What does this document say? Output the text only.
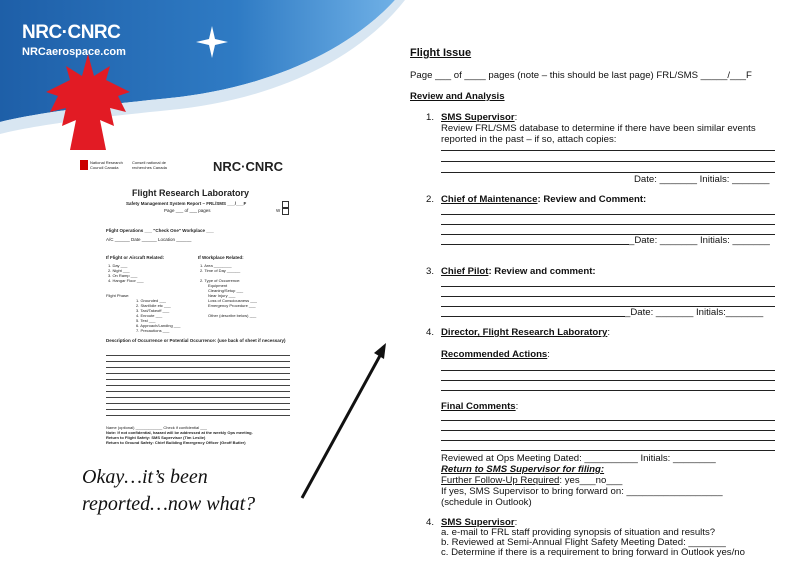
NRC·CNRC
NRCaerospace.com
National Research Council Canada
Conseil national de recherches Canada	NRC·CNRC
Flight Research Laboratory
Safety Management System Report – FRL/SMS ___/___F
Page ___ of ___ pages	W
Flight Operations ___ "Check One" Workplace ___
A/C ______ Date ______ Location ______
If Flight or Aircraft Related:	If Workplace Related:
1. Day ___
2. Night ___
3. On Ramp ___
4. Hangar Floor ___
1. Area ________
2. Time of Day ______
2. Type of Occurrence:
Equipment
Cleaning/Setup ___
Near Injury ___
Loss of Consciousness ___
Emergency Procedure ___
Other (describe below) ___
Flight Phase:
1. Grounded ___
2. Start/Idle etc ___
3. Taxi/Takeoff ___
4. Enroute ___
5. Test ___
6. Approach/Landing ___
7. Precautions ___
Description of Occurrence or Potential Occurrence: (use back of sheet if necessary)
Name (optional) ____________ Check if confidential ___
Note: If not confidential, hazard will be addressed at the weekly Ops meeting.
Return to Flight Safety: SMS Supervisor (Tim Leslie)
Return to Ground Safety: Chief Building Emergency Officer (Geoff Butler)
Okay…it’s been
reported…now what?
Flight Issue
Page ___ of ____ pages (note – this should be last page) FRL/SMS _____/___F
Review and Analysis
1. SMS Supervisor:
Review FRL/SMS database to determine if there have been similar events
reported in the past – if so, attach copies:
Date: _______ Initials: _______
2. Chief of Maintenance: Review and Comment:
_Date: _______ Initials: _______
3. Chief Pilot: Review and comment:
_Date: _______ Initials:_______
4. Director, Flight Research Laboratory:
Recommended Actions:
Final Comments:
Reviewed at Ops Meeting Dated: __________ Initials: ________
Return to SMS Supervisor for filing:
Further Follow-Up Required: yes___no___
If yes, SMS Supervisor to bring forward on: __________________
(schedule in Outlook)
4. SMS Supervisor:
a. e-mail to FRL staff providing synopsis of situation and results?
b. Reviewed at Semi-Annual Flight Safety Meeting Dated: _______
c. Determine if there is a requirement to bring forward in Outlook yes/no
